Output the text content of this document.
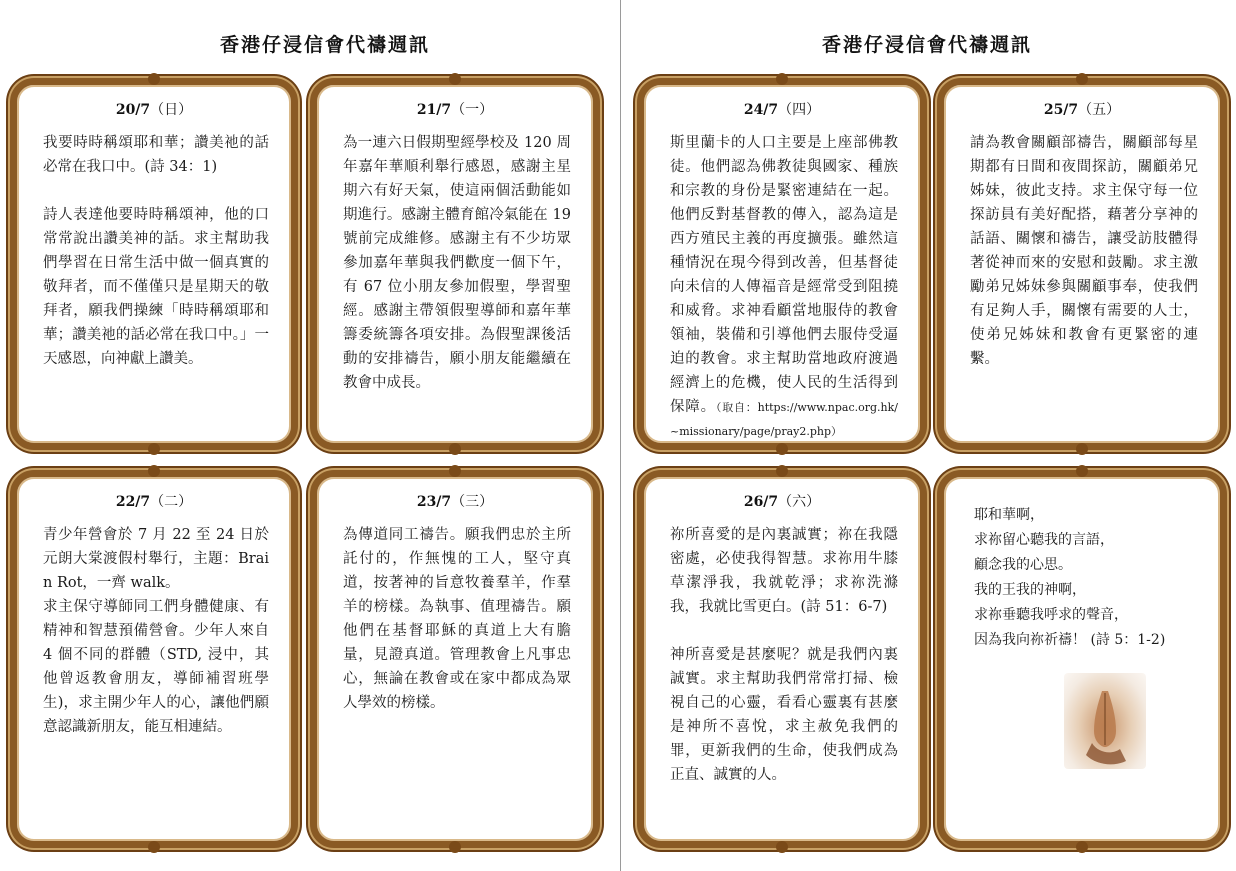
香港仔浸信會代禱週訊	香港仔浸信會代禱週訊
20/7（日）
我要時時稱頌耶和華；讚美祂的話必常在我口中。(詩 34：1)

詩人表達他要時時稱頌神，他的口常常說出讚美神的話。求主幫助我們學習在日常生活中做一個真實的敬拜者，而不僅僅只是星期天的敬拜者，願我們操練「時時稱頌耶和華；讚美祂的話必常在我口中。」一天感恩，向神獻上讚美。
21/7（一）
為一連六日假期聖經學校及 120 周年嘉年華順利舉行感恩，感謝主星期六有好天氣，使這兩個活動能如期進行。感謝主體育館冷氣能在 19 號前完成維修。感謝主有不少坊眾參加嘉年華與我們歡度一個下午，有 67 位小朋友參加假聖，學習聖經。感謝主帶領假聖導師和嘉年華籌委統籌各項安排。為假聖課後活動的安排禱告，願小朋友能繼續在教會中成長。
22/7（二）
青少年營會於 7 月 22 至 24 日於元朗大棠渡假村舉行，主題：Brain Rot，一齊 walk。
求主保守導師同工們身體健康、有精神和智慧預備營會。少年人來自 4 個不同的群體（STD, 浸中，其他曾返教會朋友，導師補習班學生)，求主開少年人的心，讓他們願意認識新朋友，能互相連結。
23/7（三）
為傳道同工禱告。願我們忠於主所託付的，作無愧的工人，堅守真道，按著神的旨意牧養羣羊，作羣羊的榜樣。為執事、值理禱告。願他們在基督耶穌的真道上大有膽量，見證真道。管理教會上凡事忠心，無論在教會或在家中都成為眾人學效的榜樣。
24/7（四）
斯里蘭卡的人口主要是上座部佛教徒。他們認為佛教徒與國家、種族和宗教的身份是緊密連結在一起。他們反對基督教的傳入，認為這是西方殖民主義的再度擴張。雖然這種情況在現今得到改善，但基督徒向未信的人傳福音是經常受到阻撓和威脅。求神看顧當地服侍的教會領袖，裝備和引導他們去服侍受逼迫的教會。求主幫助當地政府渡過經濟上的危機，使人民的生活得到保障。（取自：https://www.npac.org.hk/~missionary/page/pray2.php）
25/7（五）
請為教會關顧部禱告，關顧部每星期都有日間和夜間探訪，關顧弟兄姊妹，彼此支持。求主保守每一位探訪員有美好配搭，藉著分享神的話語、關懷和禱告，讓受訪肢體得著從神而來的安慰和鼓勵。求主激勵弟兄姊妹參與關顧事奉，使我們有足夠人手，關懷有需要的人士，使弟兄姊妹和教會有更緊密的連繫。
26/7（六）
祢所喜愛的是內裏誠實；祢在我隱密處，必使我得智慧。求祢用牛膝草潔淨我，我就乾淨；求祢洗滌我，我就比雪更白。(詩 51：6-7)

神所喜愛是甚麼呢？就是我們內裏誠實。求主幫助我們常常打掃、檢視自己的心靈，看看心靈裏有甚麼是神所不喜悅，求主赦免我們的罪，更新我們的生命，使我們成為正直、誠實的人。
耶和華啊，
求祢留心聽我的言語，
顧念我的心思。
我的王我的神啊，
求祢垂聽我呼求的聲音，
因為我向祢祈禱！ (詩 5：1-2)
